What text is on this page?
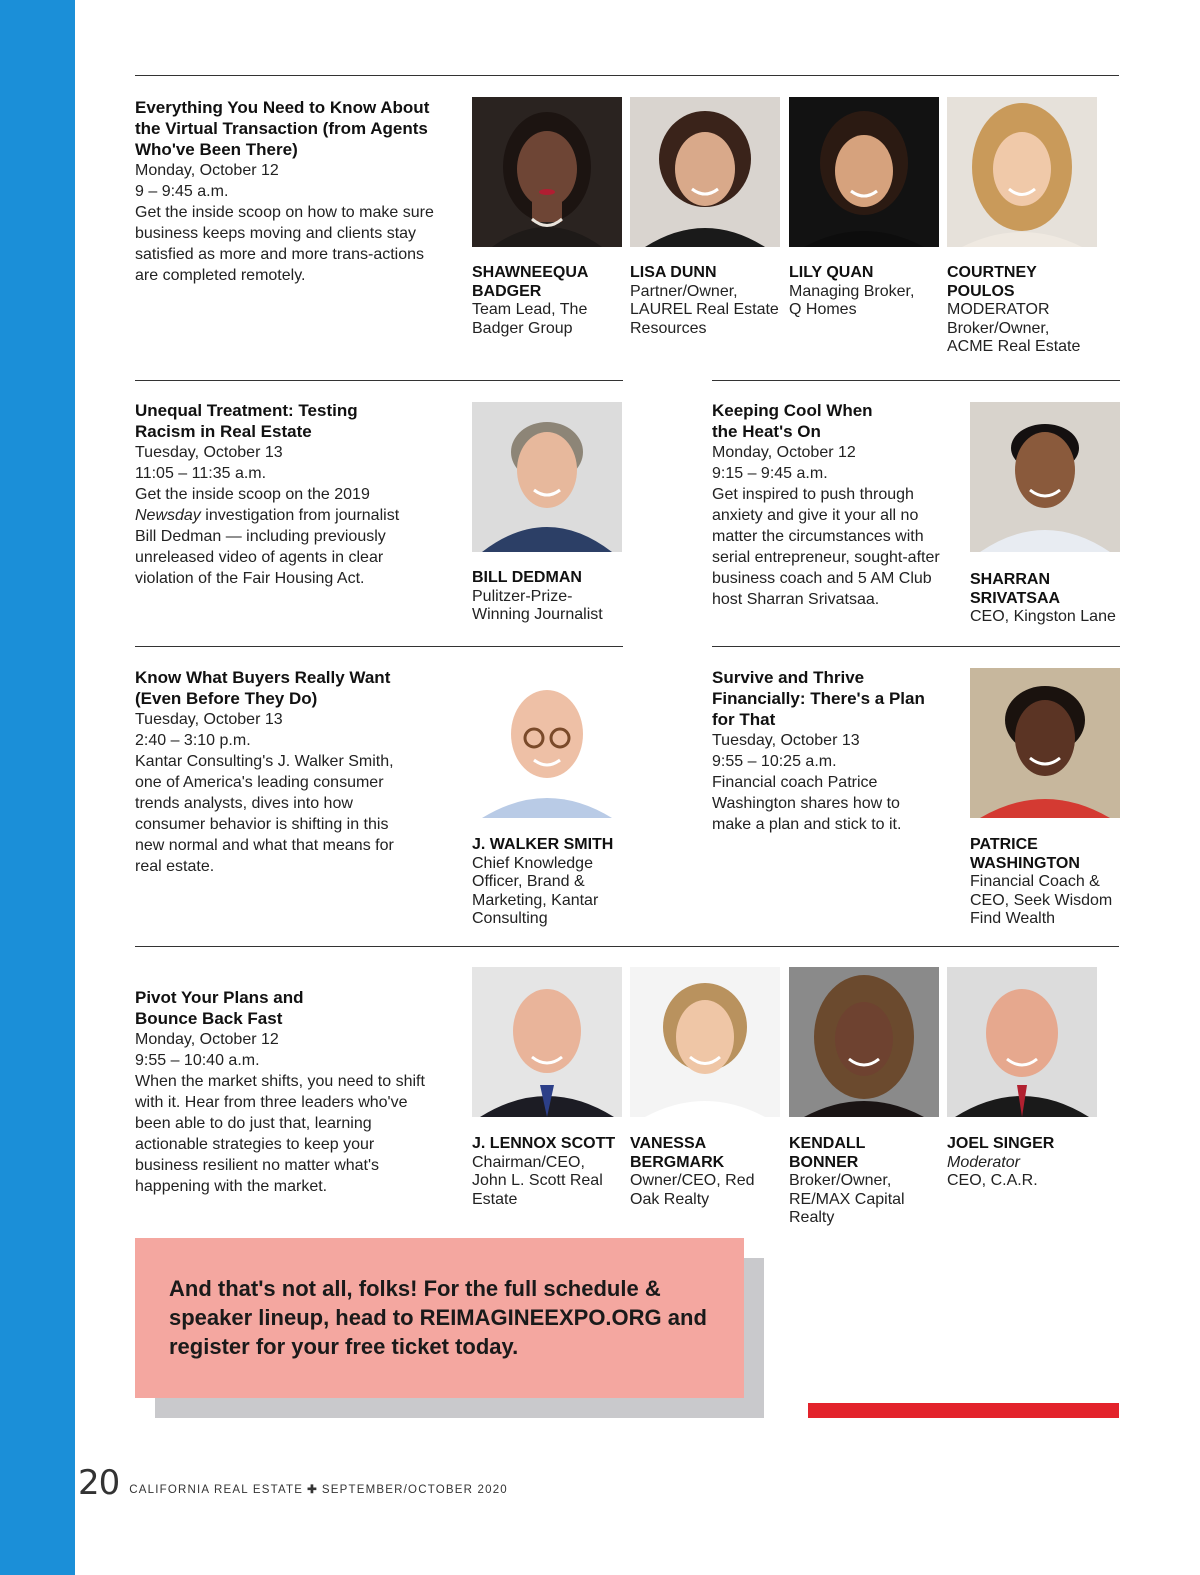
Everything You Need to Know About the Virtual Transaction (from Agents Who've Been There)

Monday, October 12

9 – 9:45 a.m.

Get the inside scoop on how to make sure business keeps moving and clients stay satisfied as more and more trans-actions are completed remotely.

Unequal Treatment: Testing Racism in Real Estate

Tuesday, October 13

11:05 – 11:35 a.m.

Get the inside scoop on the 2019 Newsday investigation from journalist Bill Dedman — including previously unreleased video of agents in clear violation of the Fair Housing Act.

Keeping Cool When the Heat's On

Monday, October 12

9:15 – 9:45 a.m.

Get inspired to push through anxiety and give it your all no matter the circumstances with serial entrepreneur, sought-after business coach and 5 AM Club host Sharran Srivatsaa.

Know What Buyers Really Want (Even Before They Do)

Tuesday, October 13

2:40 – 3:10 p.m.

Kantar Consulting's J. Walker Smith, one of America's leading consumer trends analysts, dives into how consumer behavior is shifting in this new normal and what that means for real estate.

Survive and Thrive Financially: There's a Plan for That

Tuesday, October 13

9:55 – 10:25 a.m.

Financial coach Patrice Washington shares how to make a plan and stick to it.

Pivot Your Plans and Bounce Back Fast

Monday, October 12

9:55 – 10:40 a.m.

When the market shifts, you need to shift with it. Hear from three leaders who've been able to do just that, learning actionable strategies to keep your business resilient no matter what's happening with the market.

SHAWNEEQUA BADGER
Team Lead, The Badger Group
LISA DUNN
Partner/Owner, LAUREL Real Estate Resources
LILY QUAN
Managing Broker, Q Homes
COURTNEY POULOS
MODERATOR
Broker/Owner, ACME Real Estate
BILL DEDMAN
Pulitzer-Prize-Winning Journalist
SHARRAN SRIVATSAA
CEO, Kingston Lane
J. WALKER SMITH
Chief Knowledge Officer, Brand & Marketing, Kantar Consulting
PATRICE WASHINGTON
Financial Coach & CEO, Seek Wisdom Find Wealth
J. LENNOX SCOTT
Chairman/CEO, John L. Scott Real Estate
VANESSA BERGMARK
Owner/CEO, Red Oak Realty
KENDALL BONNER
Broker/Owner, RE/MAX Capital Realty
JOEL SINGER
Moderator
CEO, C.A.R.
And that's not all, folks! For the full schedule & speaker lineup, head to REIMAGINEEXPO.ORG and register for your free ticket today.
20 CALIFORNIA REAL ESTATE ✚ SEPTEMBER/OCTOBER 2020
